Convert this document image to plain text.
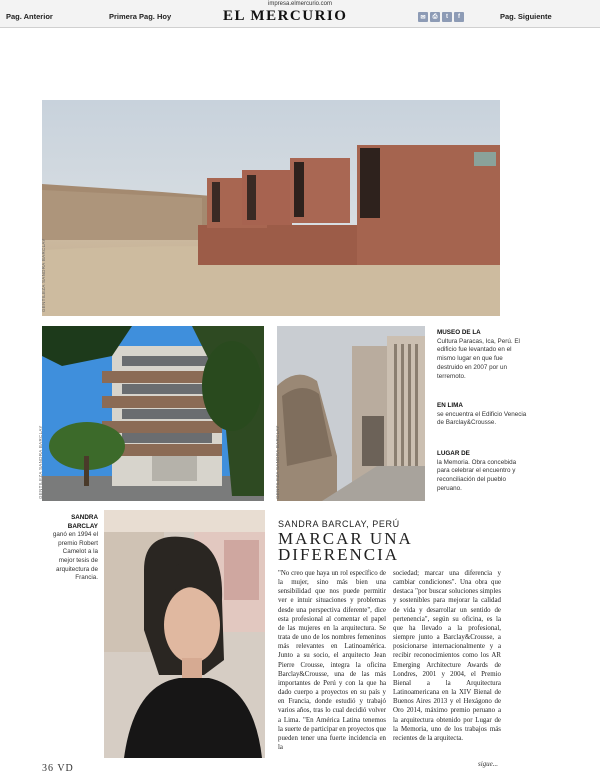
impresa.elmercurio.com
Pag. Anterior	Primera Pag. Hoy	EL MERCURIO	✉	⎙	t	f	Pag. Siguiente
GENTILEZA SANDRA BARCLAY
GENTILEZA SANDRA BARCLAY	GENTILEZA SANDRA BARCLAY
MUSEO DE LA
Cultura Paracas, Ica, Perú. El edificio fue levantado en el mismo lugar en que fue destruido en 2007 por un terremoto.
EN LIMA
se encuentra el Edificio Venecia de Barclay&Crousse.
LUGAR DE
la Memoria. Obra concebida para celebrar el encuentro y reconciliación del pueblo peruano.
SANDRA BARCLAY
ganó en 1994 el premio Robert Camelot a la mejor tesis de arquitectura de Francia.
SANDRA BARCLAY, PERÚ
MARCAR UNA DIFERENCIA
"No creo que haya un rol específico de la mujer, sino más bien una sensibilidad que nos puede permitir ver e intuir situaciones y problemas desde una perspectiva diferente", dice esta profesional al comentar el papel de las mujeres en la arquitectura. Se trata de uno de los nombres femeninos más relevantes en Latinoamérica. Junto a su socio, el arquitecto Jean Pierre Crousse, integra la oficina Barclay&Crousse, una de las más importantes de Perú y con la que ha dado cuerpo a proyectos en su país y en Francia, donde estudió y trabajó varios años, tras lo cual decidió volver a Lima. "En América Latina tenemos la suerte de participar en proyectos que pueden tener una fuerte incidencia en la
sociedad; marcar una diferencia y cambiar condiciones". Una obra que destaca "por buscar soluciones simples y sostenibles para mejorar la calidad de vida y desarrollar un sentido de pertenencia", según su oficina, es la que ha llevado a la profesional, siempre junto a Barclay&Crousse, a posicionarse internacionalmente y a recibir reconocimientos como los AR Emerging Architecture Awards de Londres, 2001 y 2004, el Premio Bienal a la Arquitectura Latinoamericana en la XIV Bienal de Buenos Aires 2013 y el Hexágono de Oro 2014, máximo premio peruano a la arquitectura obtenido por Lugar de la Memoria, uno de los trabajos más recientes de la arquitecta.
sigue...
36 VD
